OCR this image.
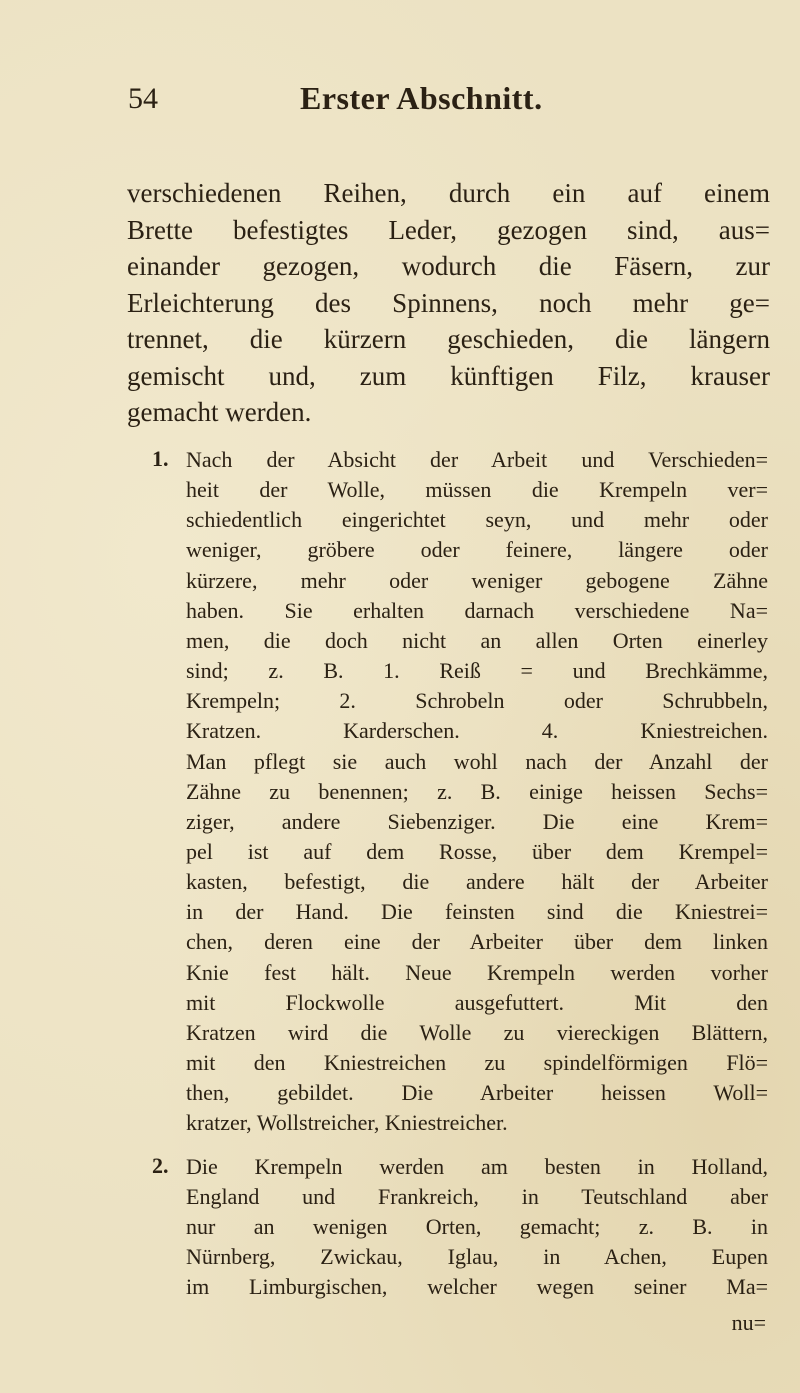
54	Erster Abschnitt.
verschiedenen Reihen, durch ein auf einem
Brette befestigtes Leder, gezogen sind, aus=
einander gezogen, wodurch die Fäsern, zur
Erleichterung des Spinnens, noch mehr ge=
trennet, die kürzern geschieden, die längern
gemischt und, zum künftigen Filz, krauser
gemacht werden.
1. Nach der Absicht der Arbeit und Verschieden=
heit der Wolle, müssen die Krempeln ver=
schiedentlich eingerichtet seyn, und mehr oder
weniger, gröbere oder feinere, längere oder
kürzere, mehr oder weniger gebogene Zähne
haben. Sie erhalten darnach verschiedene Na=
men, die doch nicht an allen Orten einerley
sind; z. B. 1. Reiß = und Brechkämme,
Krempeln; 2. Schrobeln oder Schrubbeln,
Kratzen. Karderschen. 4. Kniestreichen.
Man pflegt sie auch wohl nach der Anzahl der
Zähne zu benennen; z. B. einige heissen Sechs=
ziger, andere Siebenziger. Die eine Krem=
pel ist auf dem Rosse, über dem Krempel=
kasten, befestigt, die andere hält der Arbeiter
in der Hand. Die feinsten sind die Kniestrei=
chen, deren eine der Arbeiter über dem linken
Knie fest hält. Neue Krempeln werden vorher
mit Flockwolle ausgefuttert. Mit den
Kratzen wird die Wolle zu viereckigen Blättern,
mit den Kniestreichen zu spindelförmigen Flö=
then, gebildet. Die Arbeiter heissen Woll=
kratzer, Wollstreicher, Kniestreicher.
2. Die Krempeln werden am besten in Holland,
England und Frankreich, in Teutschland aber
nur an wenigen Orten, gemacht; z. B. in
Nürnberg, Zwickau, Iglau, in Achen, Eupen
im Limburgischen, welcher wegen seiner Ma=
nu=
